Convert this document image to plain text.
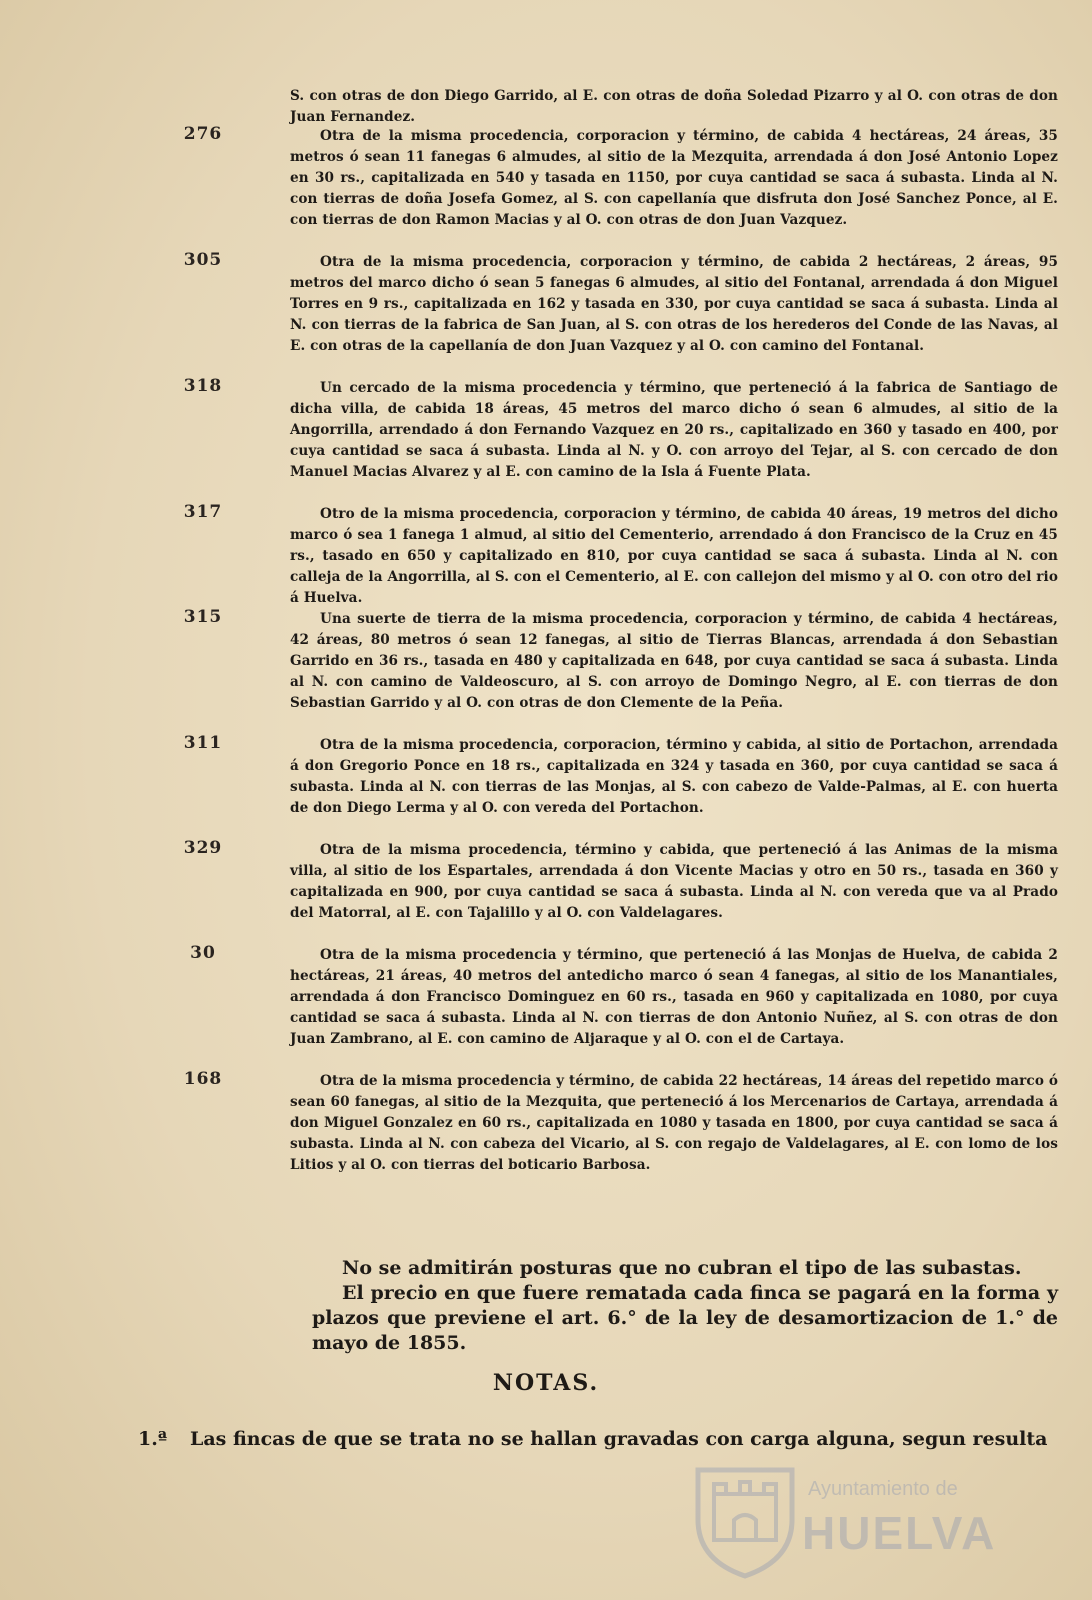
S. con otras de don Diego Garrido, al E. con otras de doña Soledad Pizarro y al O. con otras de don Juan Fernandez.

276	Otra de la misma procedencia, corporacion y término, de cabida 4 hectáreas, 24 áreas, 35 metros ó sean 11 fanegas 6 almudes, al sitio de la Mezquita, arrendada á don José Antonio Lopez en 30 rs., capitalizada en 540 y tasada en 1150, por cuya cantidad se saca á subasta. Linda al N. con tierras de doña Josefa Gomez, al S. con capellanía que disfruta don José Sanchez Ponce, al E. con tierras de don Ramon Macias y al O. con otras de don Juan Vazquez.

305	Otra de la misma procedencia, corporacion y término, de cabida 2 hectáreas, 2 áreas, 95 metros del marco dicho ó sean 5 fanegas 6 almudes, al sitio del Fontanal, arrendada á don Miguel Torres en 9 rs., capitalizada en 162 y tasada en 330, por cuya cantidad se saca á subasta. Linda al N. con tierras de la fabrica de San Juan, al S. con otras de los herederos del Conde de las Navas, al E. con otras de la capellanía de don Juan Vazquez y al O. con camino del Fontanal.

318	Un cercado de la misma procedencia y término, que perteneció á la fabrica de Santiago de dicha villa, de cabida 18 áreas, 45 metros del marco dicho ó sean 6 almudes, al sitio de la Angorrilla, arrendado á don Fernando Vazquez en 20 rs., capitalizado en 360 y tasado en 400, por cuya cantidad se saca á subasta. Linda al N. y O. con arroyo del Tejar, al S. con cercado de don Manuel Macias Alvarez y al E. con camino de la Isla á Fuente Plata.

317	Otro de la misma procedencia, corporacion y término, de cabida 40 áreas, 19 metros del dicho marco ó sea 1 fanega 1 almud, al sitio del Cementerio, arrendado á don Francisco de la Cruz en 45 rs., tasado en 650 y capitalizado en 810, por cuya cantidad se saca á subasta. Linda al N. con calleja de la Angorrilla, al S. con el Cementerio, al E. con callejon del mismo y al O. con otro del rio á Huelva.

315	Una suerte de tierra de la misma procedencia, corporacion y término, de cabida 4 hectáreas, 42 áreas, 80 metros ó sean 12 fanegas, al sitio de Tierras Blancas, arrendada á don Sebastian Garrido en 36 rs., tasada en 480 y capitalizada en 648, por cuya cantidad se saca á subasta. Linda al N. con camino de Valdeoscuro, al S. con arroyo de Domingo Negro, al E. con tierras de don Sebastian Garrido y al O. con otras de don Clemente de la Peña.

311	Otra de la misma procedencia, corporacion, término y cabida, al sitio de Portachon, arrendada á don Gregorio Ponce en 18 rs., capitalizada en 324 y tasada en 360, por cuya cantidad se saca á subasta. Linda al N. con tierras de las Monjas, al S. con cabezo de Valde-Palmas, al E. con huerta de don Diego Lerma y al O. con vereda del Portachon.

329	Otra de la misma procedencia, término y cabida, que perteneció á las Animas de la misma villa, al sitio de los Espartales, arrendada á don Vicente Macias y otro en 50 rs., tasada en 360 y capitalizada en 900, por cuya cantidad se saca á subasta. Linda al N. con vereda que va al Prado del Matorral, al E. con Tajalillo y al O. con Valdelagares.

30	Otra de la misma procedencia y término, que perteneció á las Monjas de Huelva, de cabida 2 hectáreas, 21 áreas, 40 metros del antedicho marco ó sean 4 fanegas, al sitio de los Manantiales, arrendada á don Francisco Dominguez en 60 rs., tasada en 960 y capitalizada en 1080, por cuya cantidad se saca á subasta. Linda al N. con tierras de don Antonio Nuñez, al S. con otras de don Juan Zambrano, al E. con camino de Aljaraque y al O. con el de Cartaya.

168	Otra de la misma procedencia y término, de cabida 22 hectáreas, 14 áreas del repetido marco ó sean 60 fanegas, al sitio de la Mezquita, que perteneció á los Mercenarios de Cartaya, arrendada á don Miguel Gonzalez en 60 rs., capitalizada en 1080 y tasada en 1800, por cuya cantidad se saca á subasta. Linda al N. con cabeza del Vicario, al S. con regajo de Valdelagares, al E. con lomo de los Litios y al O. con tierras del boticario Barbosa.

No se admitirán posturas que no cubran el tipo de las subastas.

El precio en que fuere rematada cada finca se pagará en la forma y plazos que previene el art. 6.° de la ley de desamortizacion de 1.° de mayo de 1855.

NOTAS.
1.ª Las fincas de que se trata no se hallan gravadas con carga alguna, segun resulta
Ayuntamiento de
HUELVA
